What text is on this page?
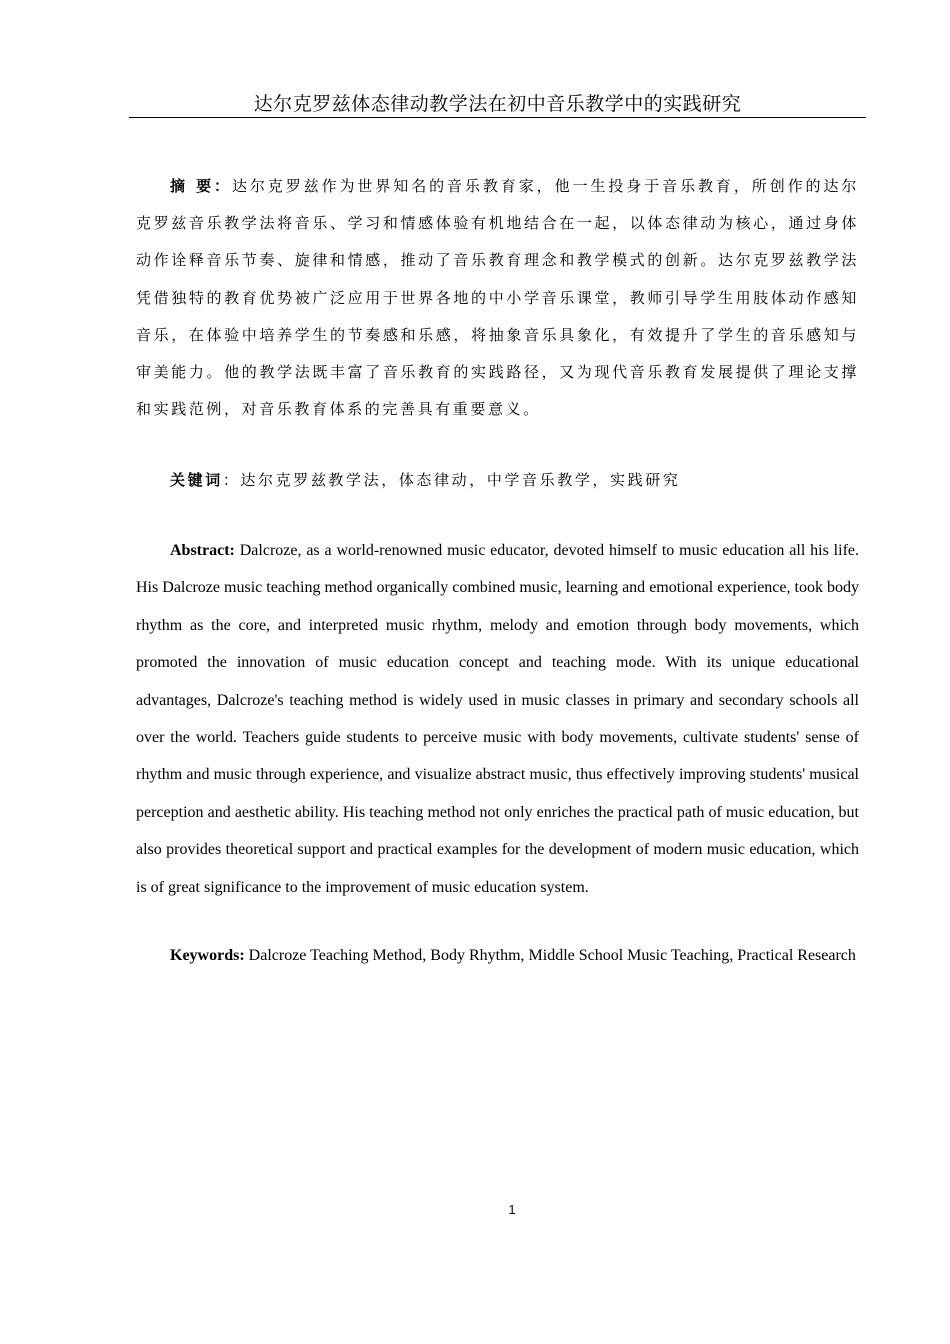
达尔克罗兹体态律动教学法在初中音乐教学中的实践研究

摘 要：达尔克罗兹作为世界知名的音乐教育家，他一生投身于音乐教育，所创作的达尔克罗兹音乐教学法将音乐、学习和情感体验有机地结合在一起，以体态律动为核心，通过身体动作诠释音乐节奏、旋律和情感，推动了音乐教育理念和教学模式的创新。达尔克罗兹教学法凭借独特的教育优势被广泛应用于世界各地的中小学音乐课堂，教师引导学生用肢体动作感知音乐，在体验中培养学生的节奏感和乐感，将抽象音乐具象化，有效提升了学生的音乐感知与审美能力。他的教学法既丰富了音乐教育的实践路径，又为现代音乐教育发展提供了理论支撑和实践范例，对音乐教育体系的完善具有重要意义。

关键词：达尔克罗兹教学法，体态律动，中学音乐教学，实践研究

Abstract: Dalcroze, as a world-renowned music educator, devoted himself to music education all his life. His Dalcroze music teaching method organically combined music, learning and emotional experience, took body rhythm as the core, and interpreted music rhythm, melody and emotion through body movements, which promoted the innovation of music education concept and teaching mode. With its unique educational advantages, Dalcroze's teaching method is widely used in music classes in primary and secondary schools all over the world. Teachers guide students to perceive music with body movements, cultivate students' sense of rhythm and music through experience, and visualize abstract music, thus effectively improving students' musical perception and aesthetic ability. His teaching method not only enriches the practical path of music education, but also provides theoretical support and practical examples for the development of modern music education, which is of great significance to the improvement of music education system.

Keywords: Dalcroze Teaching Method, Body Rhythm, Middle School Music Teaching, Practical Research

1
